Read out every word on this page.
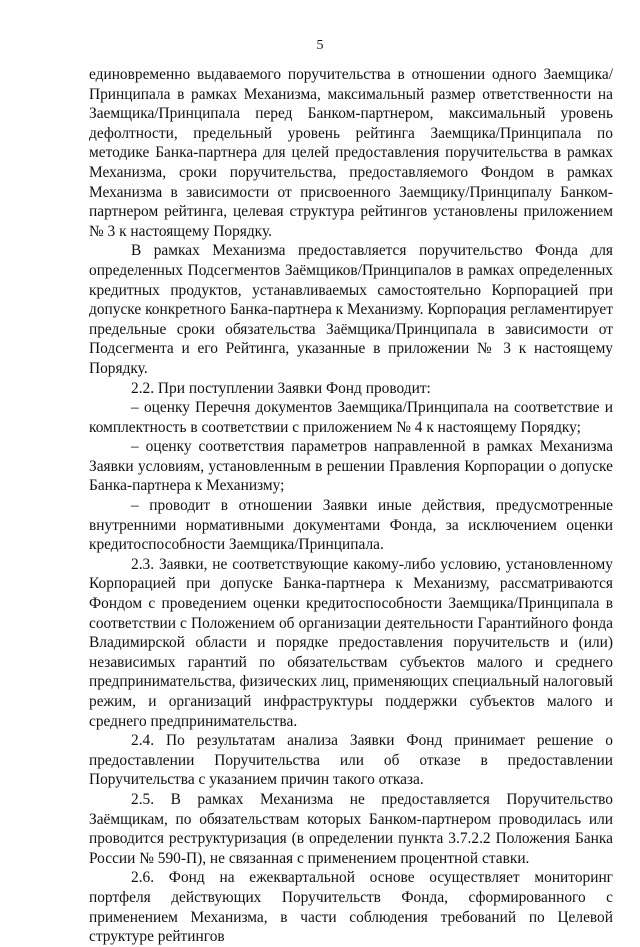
5

единовременно выдаваемого поручительства в отношении одного Заемщика/Принципала в рамках Механизма, максимальный размер ответственности на Заемщика/Принципала перед Банком-партнером, максимальный уровень дефолтности, предельный уровень рейтинга Заемщика/Принципала по методике Банка-партнера для целей предоставления поручительства в рамках Механизма, сроки поручительства, предоставляемого Фондом в рамках Механизма в зависимости от присвоенного Заемщику/Принципалу Банком-партнером рейтинга, целевая структура рейтингов установлены приложением № 3 к настоящему Порядку.

В рамках Механизма предоставляется поручительство Фонда для определенных Подсегментов Заёмщиков/Принципалов в рамках определенных кредитных продуктов, устанавливаемых самостоятельно Корпорацией при допуске конкретного Банка-партнера к Механизму. Корпорация регламентирует предельные сроки обязательства Заёмщика/Принципала в зависимости от Подсегмента и его Рейтинга, указанные в приложении № 3 к настоящему Порядку.

2.2. При поступлении Заявки Фонд проводит:

– оценку Перечня документов Заемщика/Принципала на соответствие и комплектность в соответствии с приложением № 4 к настоящему Порядку;

– оценку соответствия параметров направленной в рамках Механизма Заявки условиям, установленным в решении Правления Корпорации о допуске Банка-партнера к Механизму;

– проводит в отношении Заявки иные действия, предусмотренные внутренними нормативными документами Фонда, за исключением оценки кредитоспособности Заемщика/Принципала.

2.3. Заявки, не соответствующие какому-либо условию, установленному Корпорацией при допуске Банка-партнера к Механизму, рассматриваются Фондом с проведением оценки кредитоспособности Заемщика/Принципала в соответствии с Положением об организации деятельности Гарантийного фонда Владимирской области и порядке предоставления поручительств и (или) независимых гарантий по обязательствам субъектов малого и среднего предпринимательства, физических лиц, применяющих специальный налоговый режим, и организаций инфраструктуры поддержки субъектов малого и среднего предпринимательства.

2.4. По результатам анализа Заявки Фонд принимает решение о предоставлении Поручительства или об отказе в предоставлении Поручительства с указанием причин такого отказа.

2.5. В рамках Механизма не предоставляется Поручительство Заёмщикам, по обязательствам которых Банком-партнером проводилась или проводится реструктуризация (в определении пункта 3.7.2.2 Положения Банка России № 590-П), не связанная с применением процентной ставки.

2.6. Фонд на ежеквартальной основе осуществляет мониторинг портфеля действующих Поручительств Фонда, сформированного с применением Механизма, в части соблюдения требований по Целевой структуре рейтингов
